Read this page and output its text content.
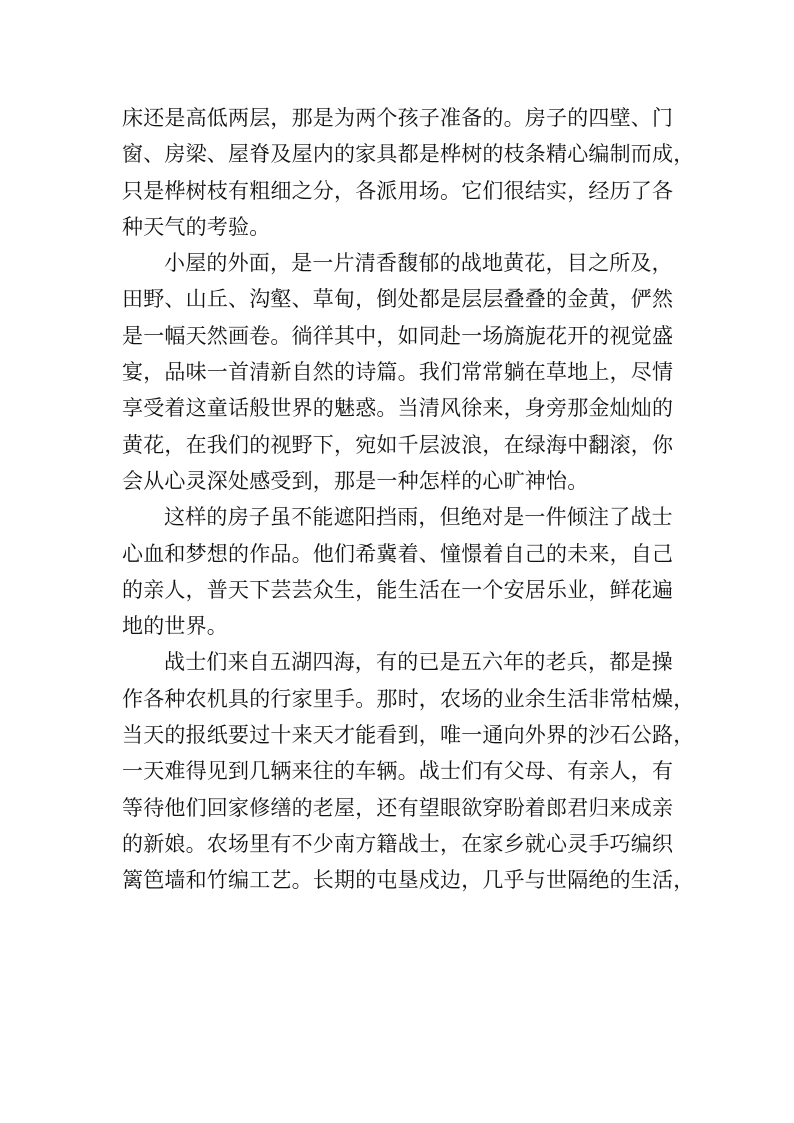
床还是高低两层，那是为两个孩子准备的。房子的四壁、门
窗、房梁、屋脊及屋内的家具都是桦树的枝条精心编制而成，
只是桦树枝有粗细之分，各派用场。它们很结实，经历了各
种天气的考验。
小屋的外面，是一片清香馥郁的战地黄花，目之所及，
田野、山丘、沟壑、草甸，倒处都是层层叠叠的金黄，俨然
是一幅天然画卷。徜徉其中，如同赴一场旖旎花开的视觉盛
宴，品味一首清新自然的诗篇。我们常常躺在草地上，尽情
享受着这童话般世界的魅惑。当清风徐来，身旁那金灿灿的
黄花，在我们的视野下，宛如千层波浪，在绿海中翻滚，你
会从心灵深处感受到，那是一种怎样的心旷神怡。
这样的房子虽不能遮阳挡雨，但绝对是一件倾注了战士
心血和梦想的作品。他们希冀着、憧憬着自己的未来，自己
的亲人，普天下芸芸众生，能生活在一个安居乐业，鲜花遍
地的世界。
战士们来自五湖四海，有的已是五六年的老兵，都是操
作各种农机具的行家里手。那时，农场的业余生活非常枯燥，
当天的报纸要过十来天才能看到，唯一通向外界的沙石公路，
一天难得见到几辆来往的车辆。战士们有父母、有亲人，有
等待他们回家修缮的老屋，还有望眼欲穿盼着郎君归来成亲
的新娘。农场里有不少南方籍战士，在家乡就心灵手巧编织
篱笆墙和竹编工艺。长期的屯垦戍边，几乎与世隔绝的生活，
